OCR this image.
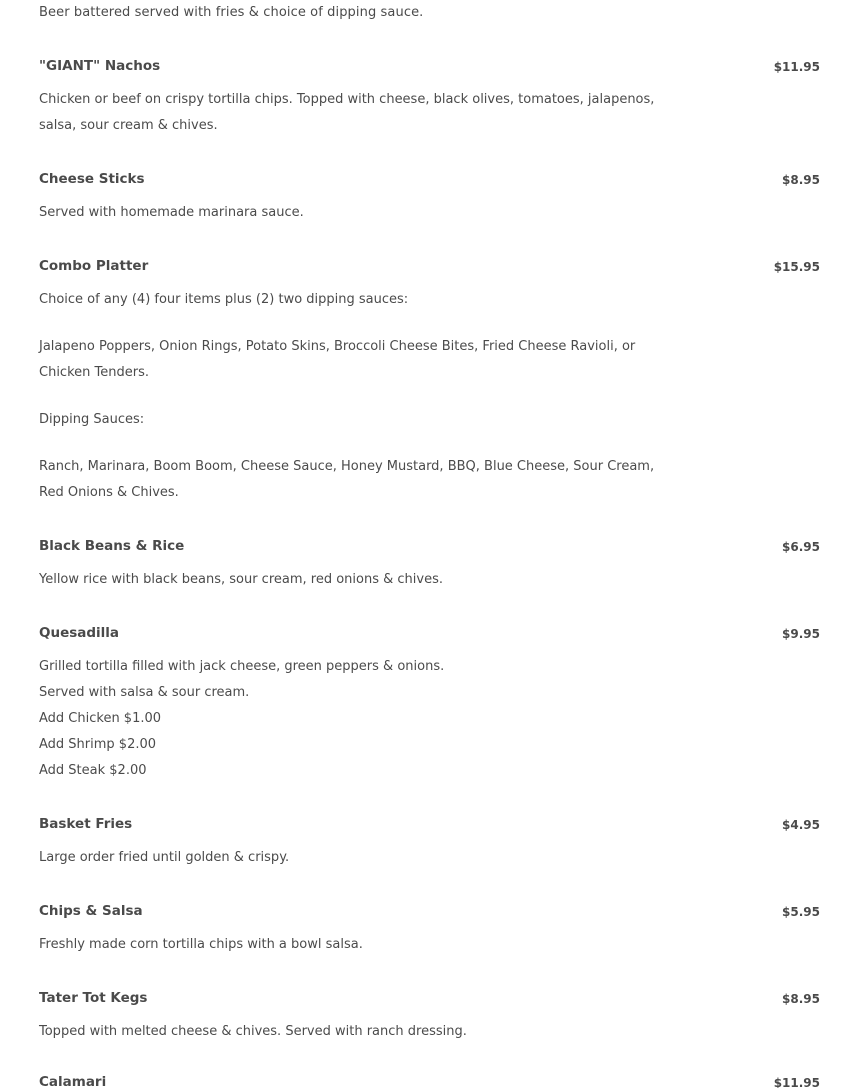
Beer battered served with fries & choice of dipping sauce.
"GIANT" Nachos	$11.95
Chicken or beef on crispy tortilla chips. Topped with cheese, black olives, tomatoes, jalapenos,
salsa, sour cream & chives.
Cheese Sticks	$8.95
Served with homemade marinara sauce.
Combo Platter	$15.95
Choice of any (4) four items plus (2) two dipping sauces:
Jalapeno Poppers, Onion Rings, Potato Skins, Broccoli Cheese Bites, Fried Cheese Ravioli, or
Chicken Tenders.
Dipping Sauces:
Ranch, Marinara, Boom Boom, Cheese Sauce, Honey Mustard, BBQ, Blue Cheese, Sour Cream,
Red Onions & Chives.
Black Beans & Rice	$6.95
Yellow rice with black beans, sour cream, red onions & chives.
Quesadilla	$9.95
Grilled tortilla filled with jack cheese, green peppers & onions.
Served with salsa & sour cream.
Add Chicken $1.00
Add Shrimp $2.00
Add Steak $2.00
Basket Fries	$4.95
Large order fried until golden & crispy.
Chips & Salsa	$5.95
Freshly made corn tortilla chips with a bowl salsa.
Tater Tot Kegs	$8.95
Topped with melted cheese & chives. Served with ranch dressing.
Calamari	$11.95
